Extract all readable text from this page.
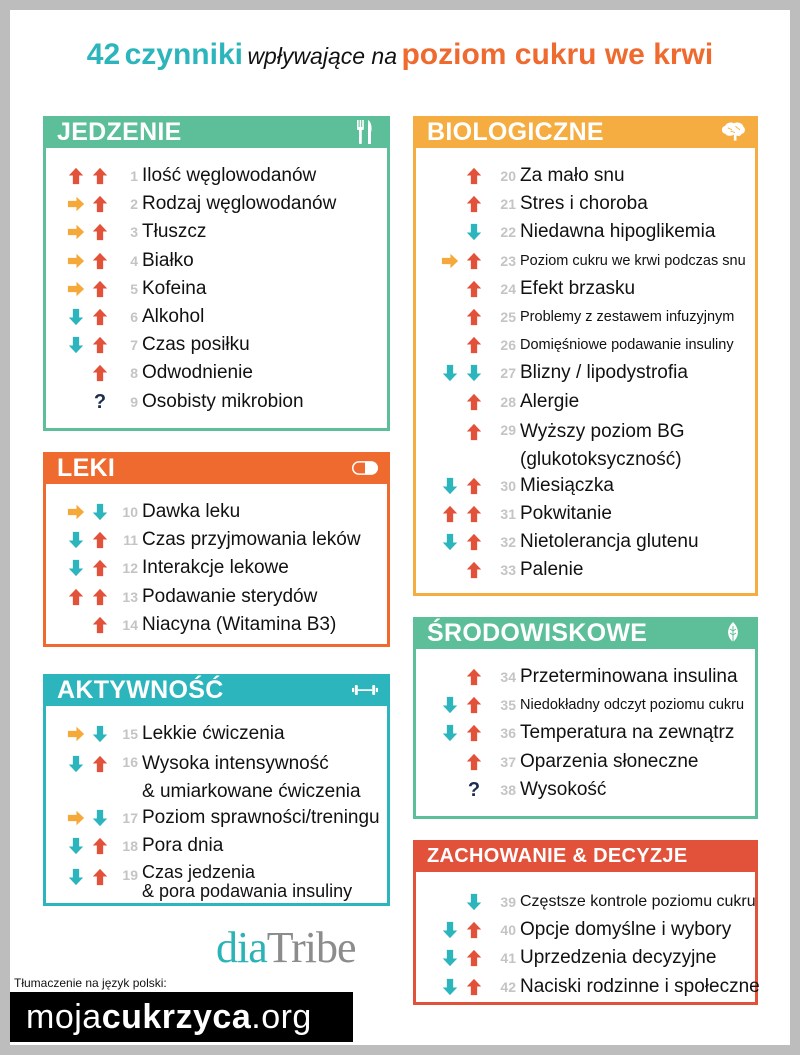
42 czynniki wpływające na poziom cukru we krwi
JEDZENIE
1 Ilość węglowodanów
2 Rodzaj węglowodanów
3 Tłuszcz
4 Białko
5 Kofeina
6 Alkohol
7 Czas posiłku
8 Odwodnienie
?	9 Osobisty mikrobion
LEKI
10 Dawka leku
11 Czas przyjmowania leków
12 Interakcje lekowe
13 Podawanie sterydów
14 Niacyna (Witamina B3)
AKTYWNOŚĆ
15 Lekkie ćwiczenia
16 Wysoka intensywność
& umiarkowane ćwiczenia
17 Poziom sprawności/treningu
18 Pora dnia
19 Czas jedzenia
& pora podawania insuliny
BIOLOGICZNE
20 Za mało snu
21 Stres i choroba
22 Niedawna hipoglikemia
23 Poziom cukru we krwi podczas snu
24 Efekt brzasku
25 Problemy z zestawem infuzyjnym
26 Domięśniowe podawanie insuliny
27 Blizny / lipodystrofia
28 Alergie
29 Wyższy poziom BG
(glukotoksyczność)
30 Miesiączka
31 Pokwitanie
32 Nietolerancja glutenu
33 Palenie
ŚRODOWISKOWE
34 Przeterminowana insulina
35 Niedokładny odczyt poziomu cukru
36 Temperatura na zewnątrz
37 Oparzenia słoneczne
?	38 Wysokość
ZACHOWANIE & DECYZJE
39 Częstsze kontrole poziomu cukru
40 Opcje domyślne i wybory
41 Uprzedzenia decyzyjne
42 Naciski rodzinne i społeczne
diaTribe
Tłumaczenie na język polski:
moja cukrzyca .org
